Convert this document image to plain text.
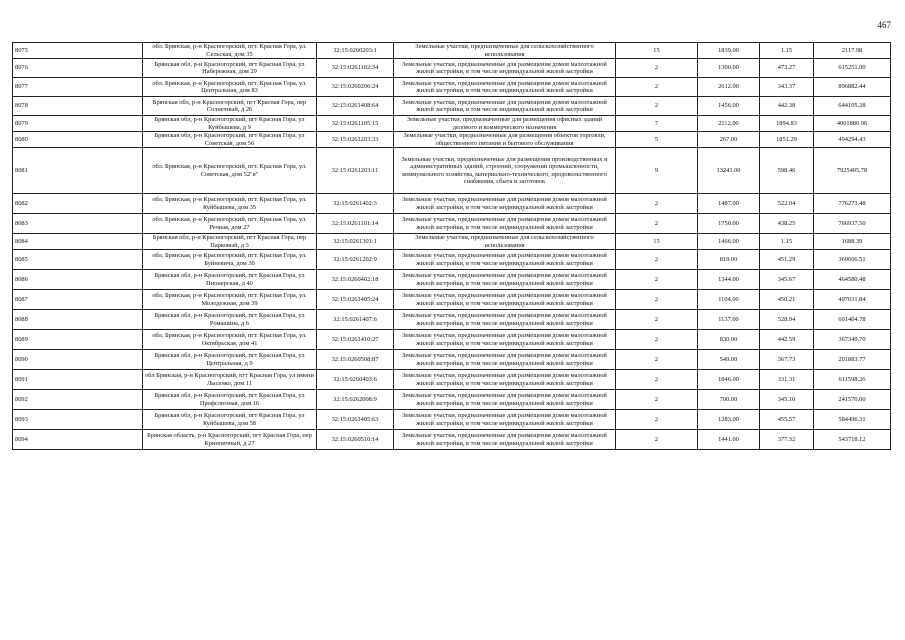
467
8075	обл. Брянская, р-н Красногорский, пгт. Красная Гора, ул. Сельская, дом 35	32:15:0260203:1	Земельные участки, предназначенные для сельскохозяйственного использования	15	1839.00	1.15	2117.98
8076	Брянская обл, р-н Красногорский, пгт Красная Гора, ул Набережная, дом 29	32:15:0261102:34	Земельные участки, предназначенные для размещения домов малоэтажной жилой застройки, в том числе индивидуальной жилой застройки	2	1300.00	473.27	615251.00
8077	обл. Брянская, р-н Красногорский, пгт. Красная Гора, ул. Центральная, дом 83	32:15:0260206:24	Земельные участки, предназначенные для размещения домов малоэтажной жилой застройки, в том числе индивидуальной жилой застройки	2	2612.00	343.37	896882.44
8078	Брянская обл, р-н Красногорский, пгт Красная Гора, пер Солнечный, д 26	32:15:0261408:64	Земельные участки, предназначенные для размещения домов малоэтажной жилой застройки, в том числе индивидуальной жилой застройки	2	1456.00	442.38	644105.28
8079	Брянская обл, р-н Красногорский, пгт Красная Гора, ул Куйбышева, д 9	32:15:0261105:15	Земельные участки, предназначенные для размещения офисных зданий делового и коммерческого назначения	7	2112.00	1894.83	4001880.96
8080	Брянская обл, р-н Красногорский, пгт Красная Гора, ул Советская, дом 56	32:15:0261203:33	Земельные участки, предназначенные для размещения объектов торговли, общественного питания и бытового обслуживания	5	267.00	1851.29	494294.43
8081	обл. Брянская, р-н Красногорский, пгт. Красная Гора, ул. Советская, дом 52"в"	32:15:0261203:11	Земельные участки, предназначенные для размещения производственных и административных зданий, строений, сооружений промышленности, коммунального хозяйства, материально-технического, продовольственного снабжения, сбыта и заготовок	9	13243.00	598.46	7925405.78
8082	обл. Брянская, р-н Красногорский, пгт. Красная Гора, ул. Куйбышева, дом 35	32:15:0261402:3	Земельные участки, предназначенные для размещения домов малоэтажной жилой застройки, в том числе индивидуальной жилой застройки	2	1487.00	522.04	776273.48
8083	обл. Брянская, р-н Красногорский, пгт. Красная Гора, ул. Речная, дом 27	32:15:0261101:14	Земельные участки, предназначенные для размещения домов малоэтажной жилой застройки, в том числе индивидуальной жилой застройки	2	1750.00	438.25	766937.50
8084	Брянская обл, р-н Красногорский, пгт Красная Гора, пер Парковый, д 3	32:15:0261301:1	Земельные участки, предназначенные для сельскохозяйственного использования	15	1466.00	1.15	1688.39
8085	обл. Брянская, р-н Красногорский, пгт. Красная Гора, ул. Буйневича, дом 30	32:15:0261202:9	Земельные участки, предназначенные для размещения домов малоэтажной жилой застройки, в том числе индивидуальной жилой застройки	2	819.00	451.29	369606.51
8086	Брянская обл, р-н Красногорский, пгт Красная Гора, ул Пионерская, д 40	32:15:0260402:18	Земельные участки, предназначенные для размещения домов малоэтажной жилой застройки, в том числе индивидуальной жилой застройки	2	1344.00	345.67	464580.48
8087	обл. Брянская, р-н Красногорский, пгт. Красная Гора, ул. Молодежная, дом 39	32:15:0261405:24	Земельные участки, предназначенные для размещения домов малоэтажной жилой застройки, в том числе индивидуальной жилой застройки	2	1104.00	450.21	497031.84
8088	Брянская обл, р-н Красногорский, пгт Красная Гора, ул Ромашина, д 6	32:15:0261407:6	Земельные участки, предназначенные для размещения домов малоэтажной жилой застройки, в том числе индивидуальной жилой застройки	2	1137.00	528.94	601404.78
8089	обл. Брянская, р-н Красногорский, пгт. Красная Гора, ул. Октябрьская, дом 41	32:15:0261410:27	Земельные участки, предназначенные для размещения домов малоэтажной жилой застройки, в том числе индивидуальной жилой застройки	2	830.00	442.59	367349.70
8090	Брянская обл, р-н Красногорский, пгт Красная Гора, ул Центральная, д 9	32:15:0260508:87	Земельные участки, предназначенные для размещения домов малоэтажной жилой застройки, в том числе индивидуальной жилой застройки	2	549.00	367.73	201883.77
8091	обл Брянская, р-н Красногорский, пгт Красная Гора, ул имени Лысенко, дом 11	32:15:0260403:6	Земельные участки, предназначенные для размещения домов малоэтажной жилой застройки, в том числе индивидуальной жилой застройки	2	1846.00	331.31	611598.26
8092	Брянская обл, р-н Красногорский, пгт Красная Гора, ул Профсоюзная, дом 16	32:15:0262008:9	Земельные участки, предназначенные для размещения домов малоэтажной жилой застройки, в том числе индивидуальной жилой застройки	2	700.00	345.10	241570.00
8093	Брянская обл, р-н Красногорский, пгт Красная Гора, ул Куйбышева, дом 58	32:15:0261405:63	Земельные участки, предназначенные для размещения домов малоэтажной жилой застройки, в том числе индивидуальной жилой застройки	2	1283.00	455.57	584496.31
8094	Брянская область, р-н Красногорский, пгт Красная Гора, пер Кринпичный, д 27	32:15:0260510:14	Земельные участки, предназначенные для размещения домов малоэтажной жилой застройки, в том числе индивидуальной жилой застройки	2	1441.00	377.32	543718.12
